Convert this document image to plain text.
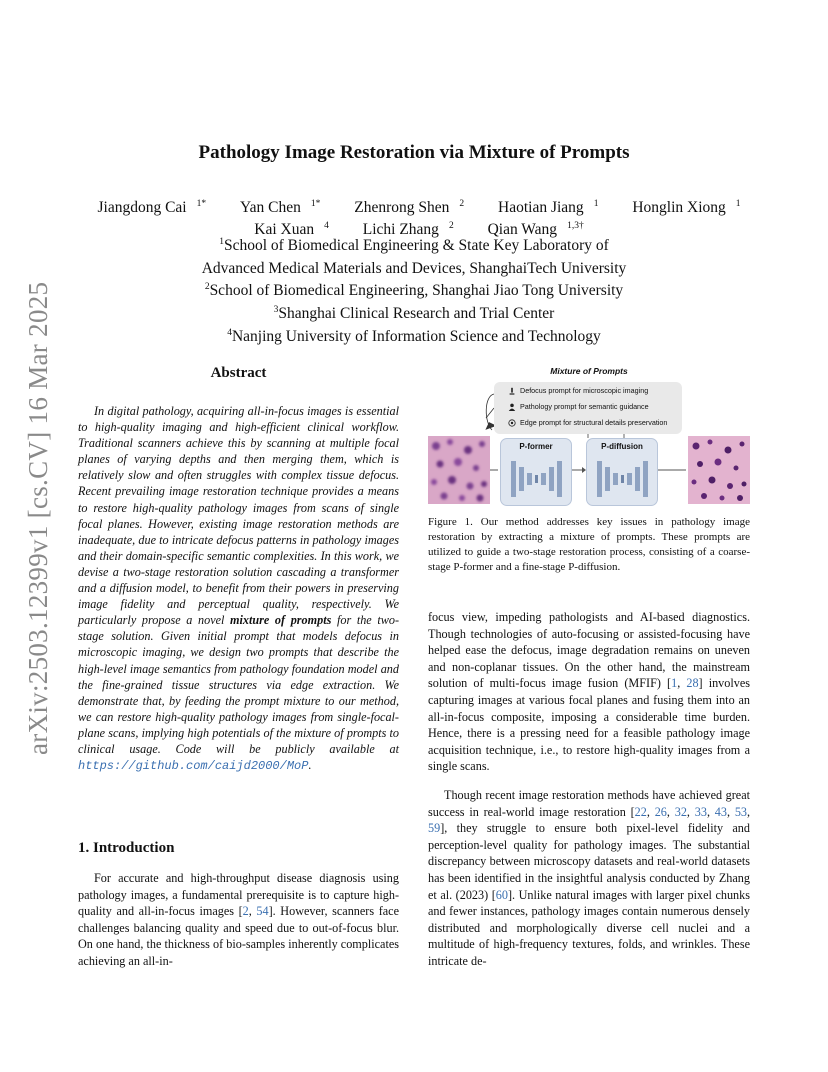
arXiv:2503.12399v1 [cs.CV] 16 Mar 2025
Pathology Image Restoration via Mixture of Prompts
Jiangdong Cai $^{1*}$ Yan Chen $^{1*}$ Zhenrong Shen $^2$ Haotian Jiang $^1$ Honglin Xiong $^1$
Kai Xuan $^4$ Lichi Zhang $^2$ Qian Wang $^{1,3\dagger}$
$^1$School of Biomedical Engineering & State Key Laboratory of
Advanced Medical Materials and Devices, ShanghaiTech University
$^2$School of Biomedical Engineering, Shanghai Jiao Tong University
$^3$Shanghai Clinical Research and Trial Center
$^4$Nanjing University of Information Science and Technology
Abstract
In digital pathology, acquiring all-in-focus images is essential to high-quality imaging and high-efficient clinical workflow. Traditional scanners achieve this by scanning at multiple focal planes of varying depths and then merging them, which is relatively slow and often struggles with complex tissue defocus. Recent prevailing image restoration technique provides a means to restore high-quality pathology images from scans of single focal planes. However, existing image restoration methods are inadequate, due to intricate defocus patterns in pathology images and their domain-specific semantic complexities. In this work, we devise a two-stage restoration solution cascading a transformer and a diffusion model, to benefit from their powers in preserving image fidelity and perceptual quality, respectively. We particularly propose a novel mixture of prompts for the two-stage solution. Given initial prompt that models defocus in microscopic imaging, we design two prompts that describe the high-level image semantics from pathology foundation model and the fine-grained tissue structures via edge extraction. We demonstrate that, by feeding the prompt mixture to our method, we can restore high-quality pathology images from single-focal-plane scans, implying high potentials of the mixture of prompts to clinical usage. Code will be publicly available at https://github.com/caijd2000/MoP.
1. Introduction
For accurate and high-throughput disease diagnosis using pathology images, a fundamental prerequisite is to capture high-quality and all-in-focus images [2, 54]. However, scanners face challenges balancing quality and speed due to out-of-focus blur. On one hand, the thickness of bio-samples inherently complicates achieving an all-in-
Mixture of Prompts
Defocus prompt for microscopic imaging
Pathology prompt for semantic guidance
Edge prompt for structural details preservation
P-former	P-diffusion
Figure 1. Our method addresses key issues in pathology image restoration by extracting a mixture of prompts. These prompts are utilized to guide a two-stage restoration process, consisting of a coarse-stage P-former and a fine-stage P-diffusion.
focus view, impeding pathologists and AI-based diagnostics. Though technologies of auto-focusing or assisted-focusing have helped ease the defocus, image degradation remains on uneven and non-coplanar tissues. On the other hand, the mainstream solution of multi-focus image fusion (MFIF) [1, 28] involves capturing images at various focal planes and fusing them into an all-in-focus composite, imposing a considerable time burden. Hence, there is a pressing need for a feasible pathology image acquisition technique, i.e., to restore high-quality images from a single scans.
Though recent image restoration methods have achieved great success in real-world image restoration [22, 26, 32, 33, 43, 53, 59], they struggle to ensure both pixel-level fidelity and perception-level quality for pathology images. The substantial discrepancy between microscopy datasets and real-world datasets has been identified in the insightful analysis conducted by Zhang et al. (2023) [60]. Unlike natural images with larger pixel chunks and fewer instances, pathology images contain numerous densely distributed and morphologically diverse cell nuclei and a multitude of high-frequency textures, folds, and wrinkles. These intricate de-
